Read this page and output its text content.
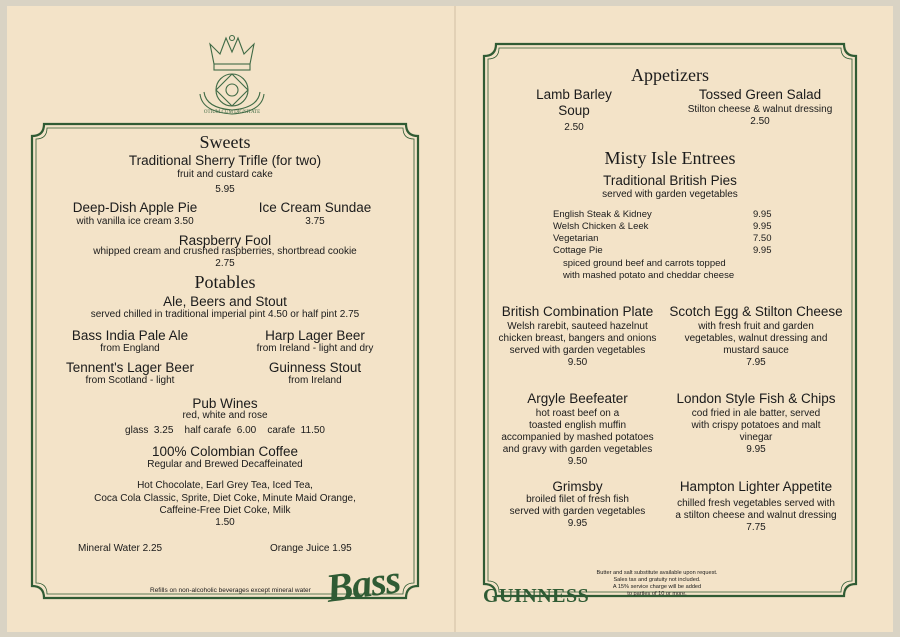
OTIUM CUM DIGNITATE
Sweets
Traditional Sherry Trifle (for two)
fruit and custard cake
5.95
Deep-Dish Apple Pie
with vanilla ice cream 3.50
Ice Cream Sundae
3.75
Raspberry Fool
whipped cream and crushed raspberries, shortbread cookie
2.75
Potables
Ale, Beers and Stout
served chilled in traditional imperial pint 4.50 or half pint 2.75
Bass India Pale Ale
from England
Harp Lager Beer
from Ireland - light and dry
Tennent's Lager Beer
from Scotland - light
Guinness Stout
from Ireland
Pub Wines
red, white and rose
glass  3.25    half carafe  6.00    carafe  11.50
100% Colombian Coffee
Regular and Brewed Decaffeinated
Hot Chocolate, Earl Grey Tea, Iced Tea,
Coca Cola Classic, Sprite, Diet Coke, Minute Maid Orange,
Caffeine-Free Diet Coke, Milk
1.50
Mineral Water 2.25	Orange Juice 1.95
Refills on non-alcoholic beverages except mineral water Bass
Appetizers
Lamb Barley
Soup
2.50
Tossed Green Salad
Stilton cheese & walnut dressing
2.50
Misty Isle Entrees
Traditional British Pies
served with garden vegetables
English Steak & Kidney	9.95
Welsh Chicken & Leek	9.95
Vegetarian	7.50
Cottage Pie	9.95
spiced ground beef and carrots topped
with mashed potato and cheddar cheese
British Combination Plate
Welsh rarebit, sauteed hazelnut
chicken breast, bangers and onions
served with garden vegetables
9.50
Scotch Egg & Stilton Cheese
with fresh fruit and garden
vegetables, walnut dressing and
mustard sauce
7.95
Argyle Beefeater
hot roast beef on a
toasted english muffin
accompanied by mashed potatoes
and gravy with garden vegetables
9.50
London Style Fish & Chips
cod fried in ale batter, served
with crispy potatoes and malt
vinegar
9.95
Grimsby
broiled filet of fresh fish
served with garden vegetables
9.95
Hampton Lighter Appetite
chilled fresh vegetables served with
a stilton cheese and walnut dressing
7.75
Butter and salt substitute available upon request.
Sales tax and gratuity not included.
A 15% service charge will be added
to parties of 10 or more.
GUINNESS
